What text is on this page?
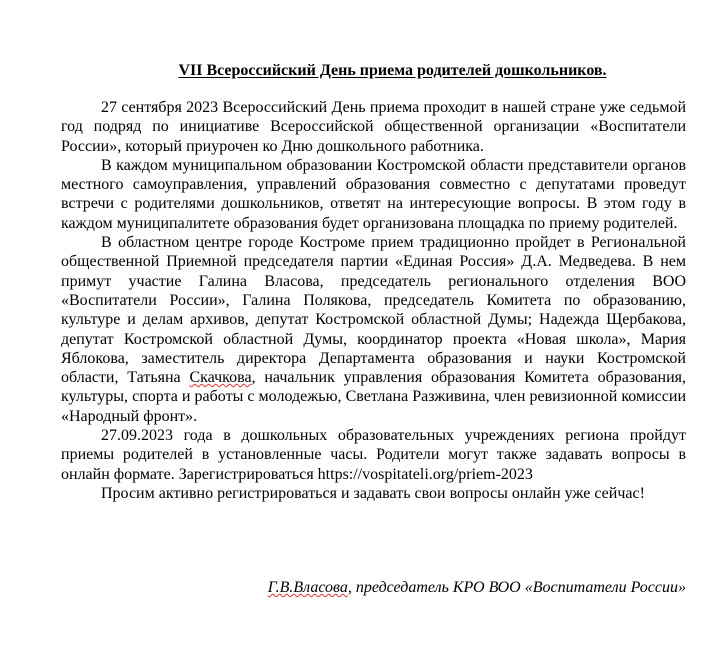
VII Всероссийский День приема родителей дошкольников.

27 сентября 2023 Всероссийский День приема проходит в нашей стране уже седьмой год подряд по инициативе Всероссийской общественной организации «Воспитатели России», который приурочен ко Дню дошкольного работника.

В каждом муниципальном образовании Костромской области представители органов местного самоуправления, управлений образования совместно с депутатами проведут встречи с родителями дошкольников, ответят на интересующие вопросы. В этом году в каждом муниципалитете образования будет организована площадка по приему родителей.

В областном центре городе Костроме прием традиционно пройдет в Региональной общественной Приемной председателя партии «Единая Россия» Д.А. Медведева. В нем примут участие Галина Власова, председатель регионального отделения ВОО «Воспитатели России», Галина Полякова, председатель Комитета по образованию, культуре и делам архивов, депутат Костромской областной Думы; Надежда Щербакова, депутат Костромской областной Думы, координатор проекта «Новая школа», Мария Яблокова, заместитель директора Департамента образования и науки Костромской области, Татьяна Скачкова, начальник управления образования Комитета образования, культуры, спорта и работы с молодежью, Светлана Разживина, член ревизионной комиссии «Народный фронт».

27.09.2023 года в дошкольных образовательных учреждениях региона пройдут приемы родителей в установленные часы. Родители могут также задавать вопросы в онлайн формате. Зарегистрироваться https://vospitateli.org/priem-2023

Просим активно регистрироваться и задавать свои вопросы онлайн уже сейчас!

Г.В.Власова, председатель КРО ВОО «Воспитатели России»
